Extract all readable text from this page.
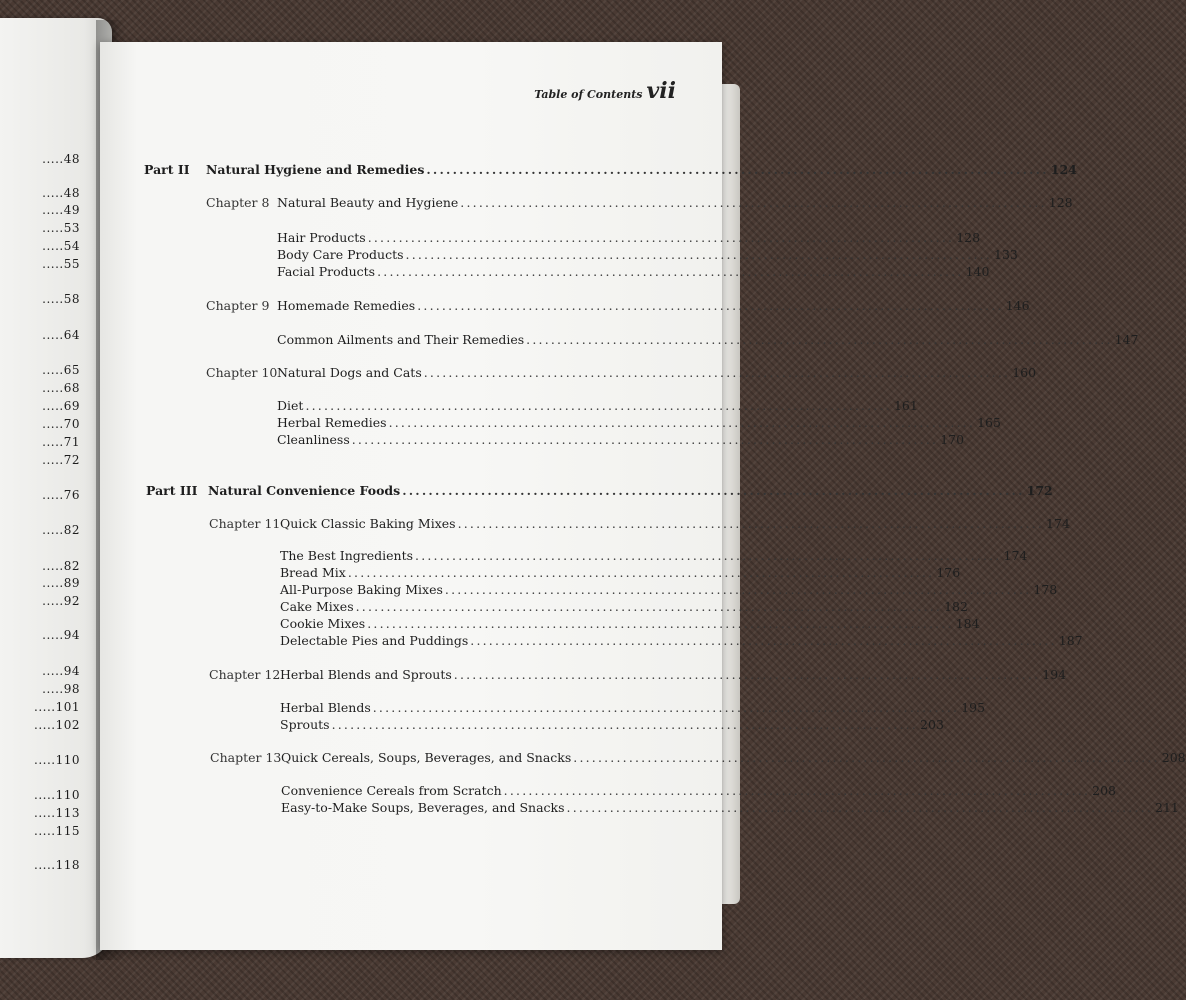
.....48
.....48
.....49
.....53
.....54
.....55
.....58
.....64
.....65
.....68
.....69
.....70
.....71
.....72
.....76
.....82
.....82
.....89
.....92
.....94
.....94
.....98
.....101
.....102
.....110
.....110
.....113
.....115
.....118
Table of Contents vii
Part II	Natural Hygiene and Remedies ............................................................................................... 124
Chapter 8 Natural Beauty and Hygiene ............................................................................................... 128
Hair Products ............................................................................................... 128
Body Care Products ............................................................................................... 133
Facial Products ............................................................................................... 140
Chapter 9 Homemade Remedies ............................................................................................... 146
Common Ailments and Their Remedies ............................................................................................... 147
Chapter 10 Natural Dogs and Cats ............................................................................................... 160
Diet ............................................................................................... 161
Herbal Remedies ............................................................................................... 165
Cleanliness ............................................................................................... 170
Part III Natural Convenience Foods ............................................................................................... 172
Chapter 11 Quick Classic Baking Mixes ............................................................................................... 174
The Best Ingredients ............................................................................................... 174
Bread Mix ............................................................................................... 176
All-Purpose Baking Mixes ............................................................................................... 178
Cake Mixes ............................................................................................... 182
Cookie Mixes ............................................................................................... 184
Delectable Pies and Puddings ............................................................................................... 187
Chapter 12 Herbal Blends and Sprouts ............................................................................................... 194
Herbal Blends ............................................................................................... 195
Sprouts ............................................................................................... 203
Chapter 13 Quick Cereals, Soups, Beverages, and Snacks ............................................................................................... 208
Convenience Cereals from Scratch ............................................................................................... 208
Easy-to-Make Soups, Beverages, and Snacks ............................................................................................... 211
